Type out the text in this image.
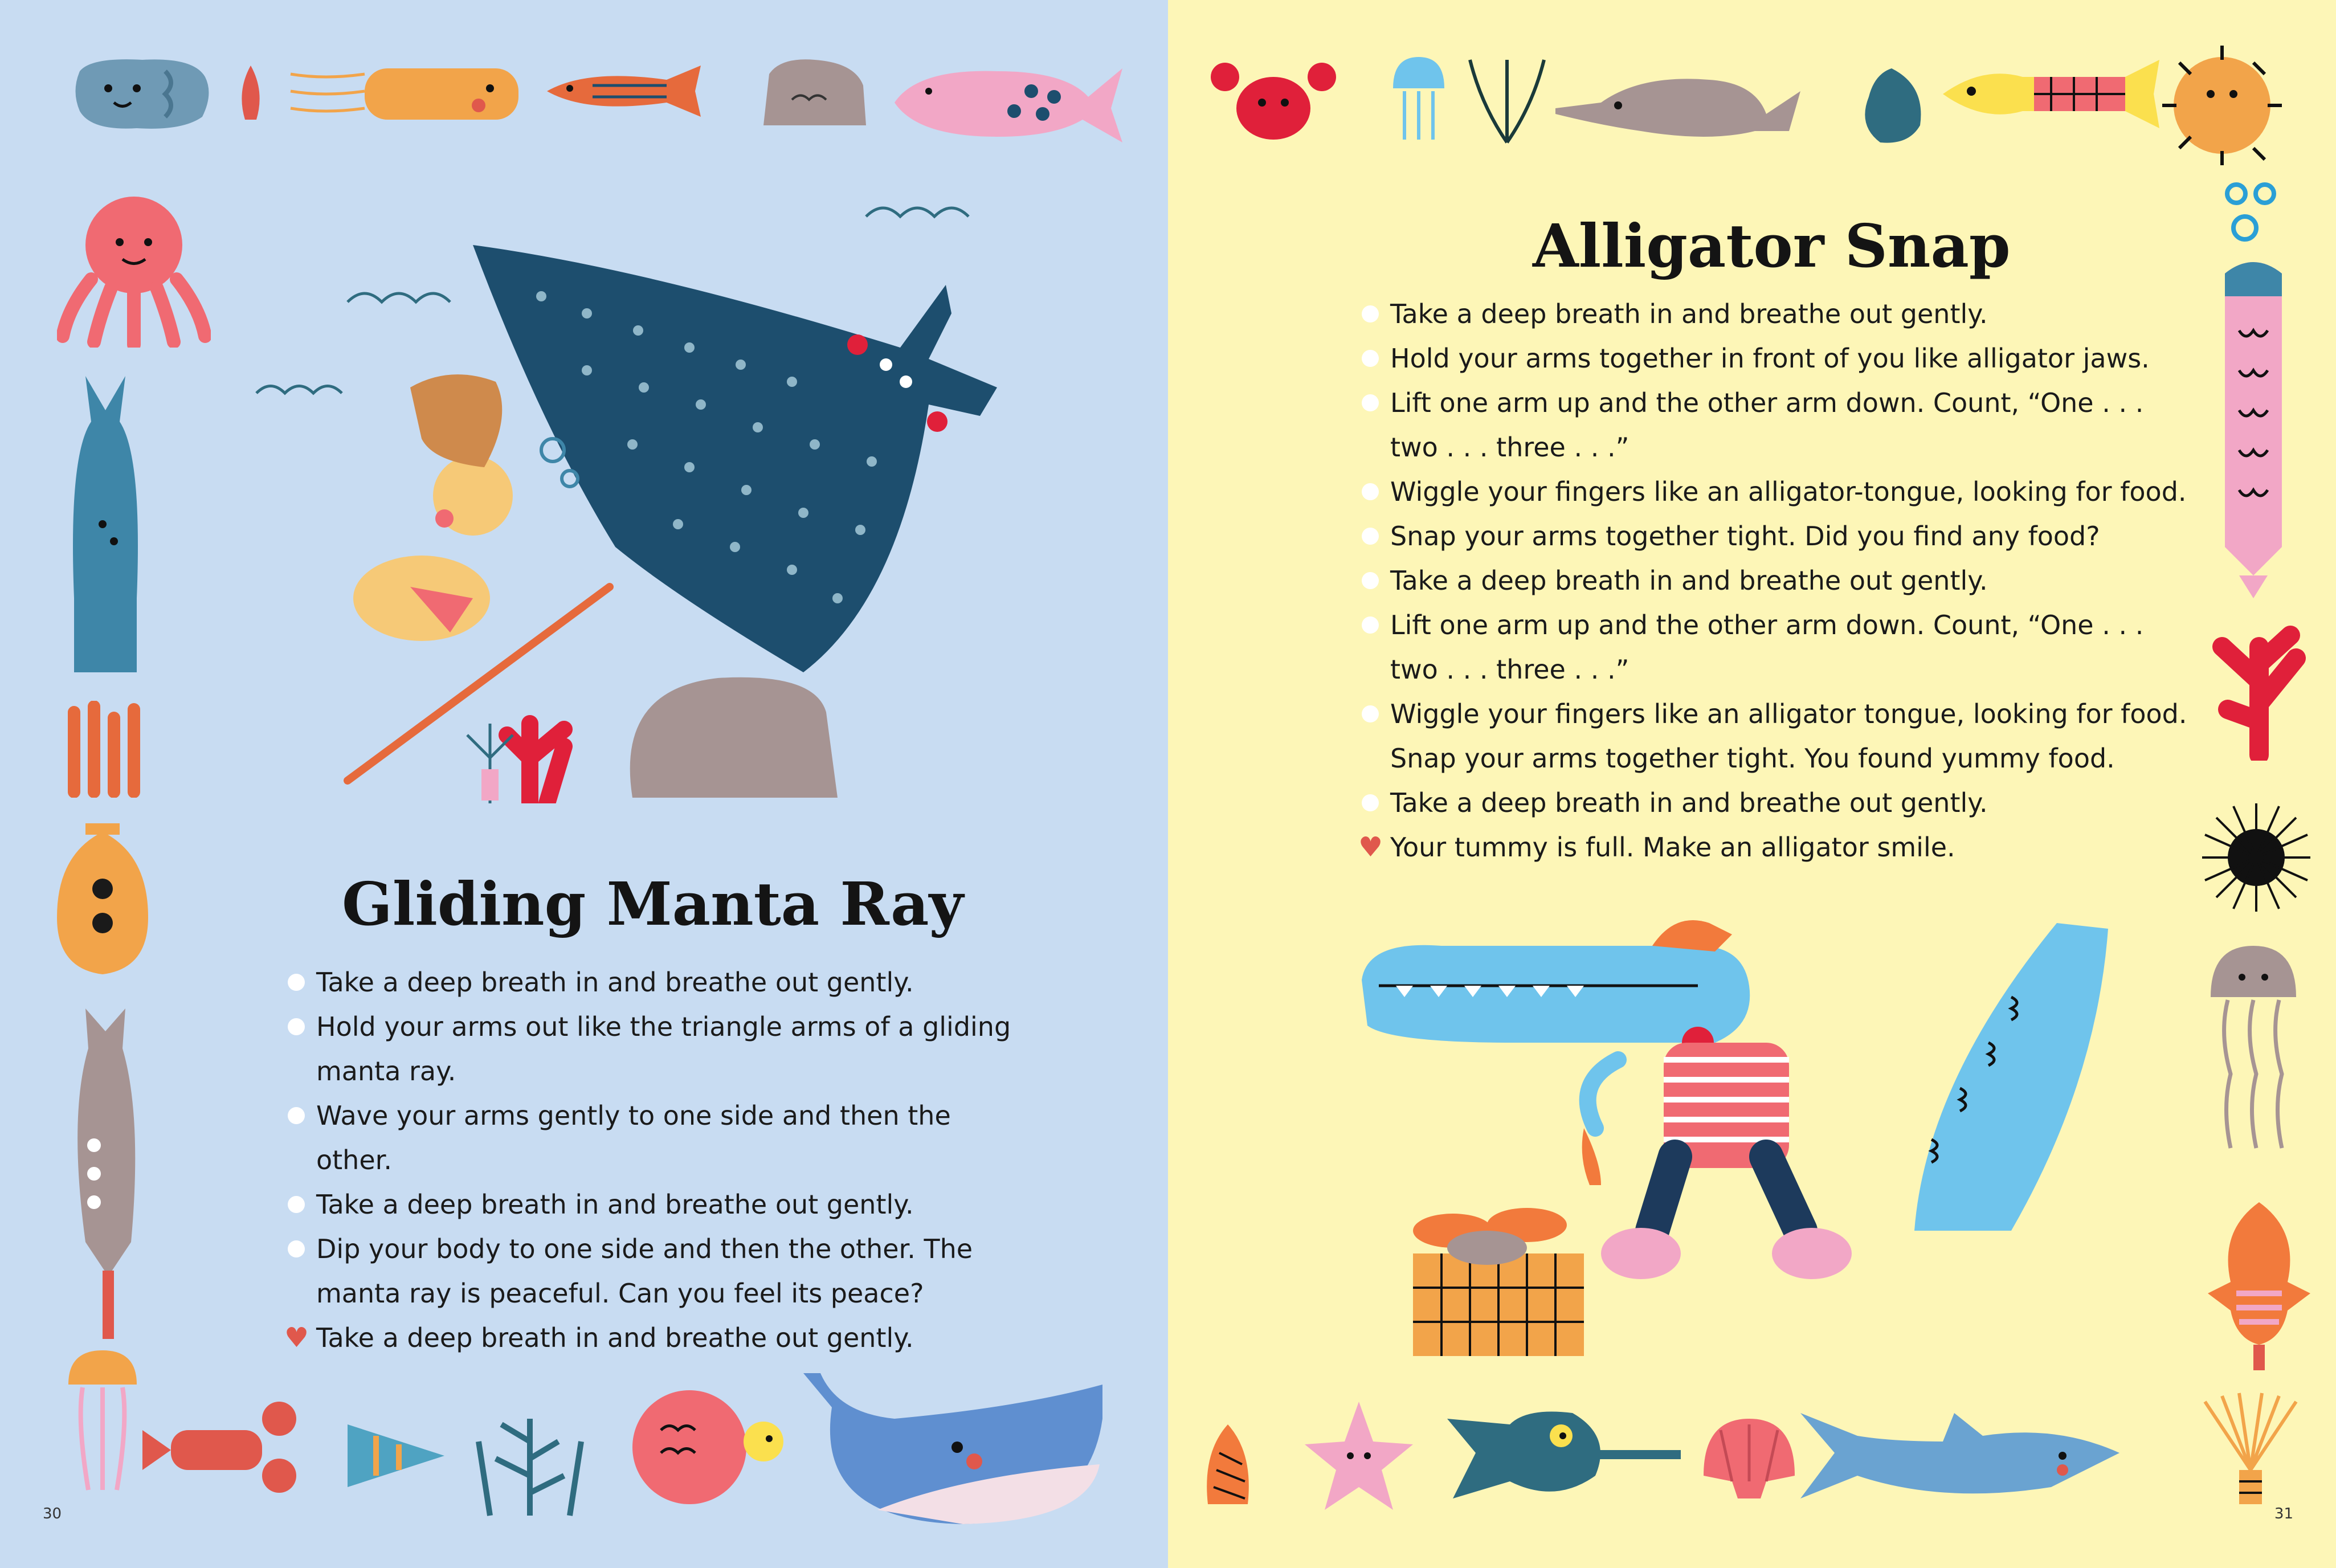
Gliding Manta Ray
Take a deep breath in and breathe out gently.
Hold your arms out like the triangle arms of a gliding manta ray.
Wave your arms gently to one side and then the other.
Take a deep breath in and breathe out gently.
Dip your body to one side and then the other. The manta ray is peaceful. Can you feel its peace?
♥ Take a deep breath in and breathe out gently.
30
Alligator Snap
Take a deep breath in and breathe out gently.
Hold your arms together in front of you like alligator jaws.
Lift one arm up and the other arm down. Count, “One . . . two . . . three . . .”
Wiggle your fingers like an alligator-tongue, looking for food.
Snap your arms together tight. Did you find any food?
Take a deep breath in and breathe out gently.
Lift one arm up and the other arm down. Count, “One . . . two . . . three . . .”
Wiggle your fingers like an alligator tongue, looking for food.
Snap your arms together tight. You found yummy food.
Take a deep breath in and breathe out gently.
♥ Your tummy is full. Make an alligator smile.
31
